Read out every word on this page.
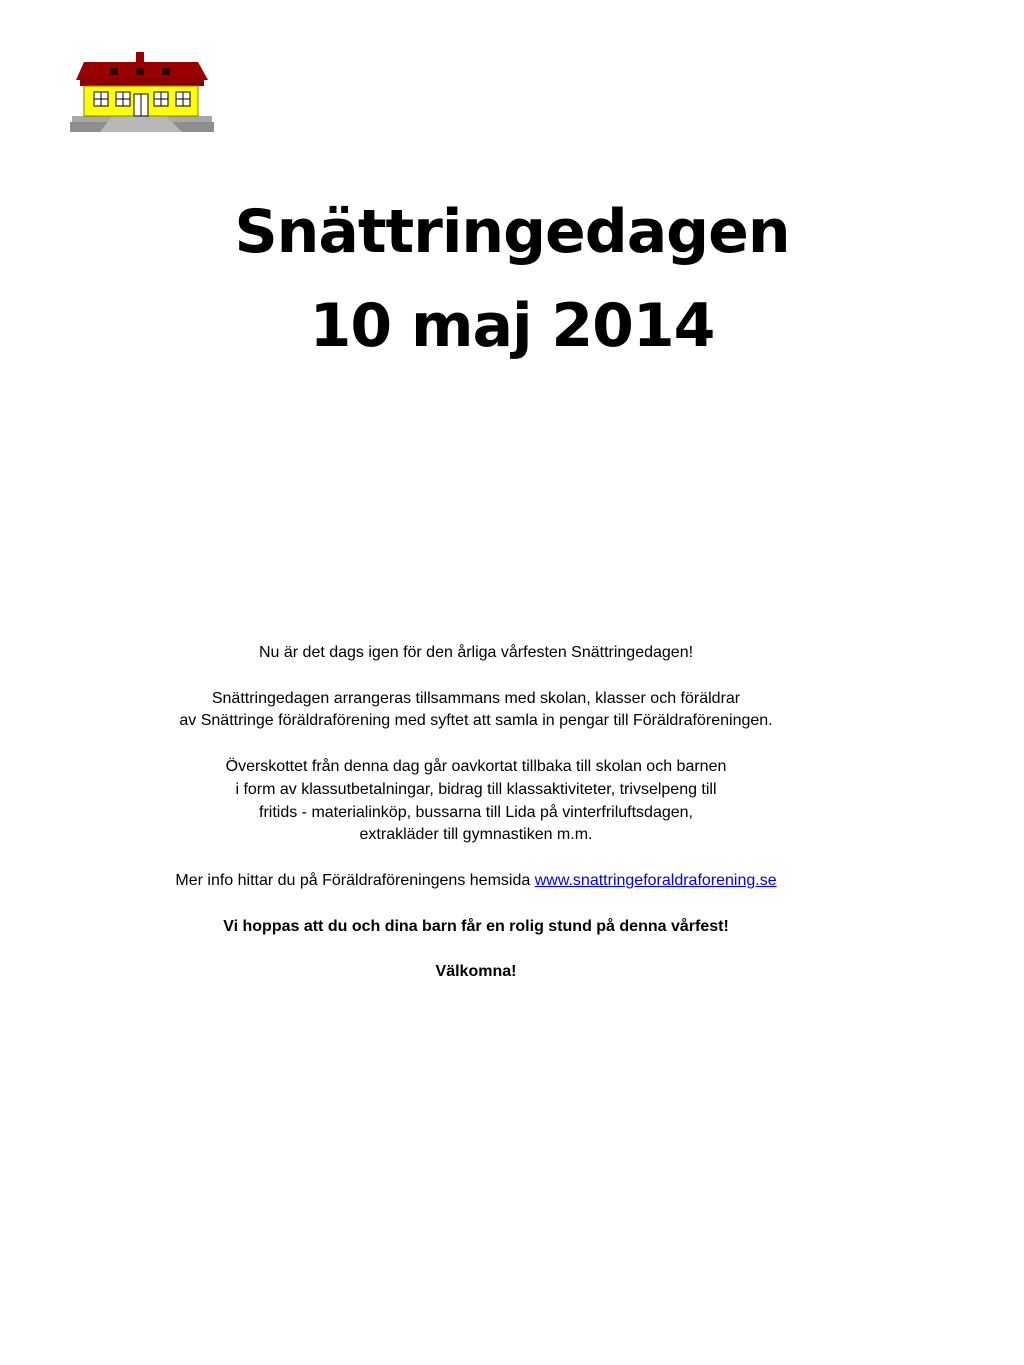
Snättringedagen

10 maj 2014

Nu är det dags igen för den årliga vårfesten Snättringedagen!

Snättringedagen arrangeras tillsammans med skolan, klasser och föräldrar

av Snättringe föräldraförening med syftet att samla in pengar till Föräldraföreningen.

Överskottet från denna dag går oavkortat tillbaka till skolan och barnen

i form av klassutbetalningar, bidrag till klassaktiviteter, trivselpeng till

fritids - materialinköp, bussarna till Lida på vinterfriluftsdagen,

extrakläder till gymnastiken m.m.

Mer info hittar du på Föräldraföreningens hemsida www.snattringeforaldraforening.se

Vi hoppas att du och dina barn får en rolig stund på denna vårfest!

Välkomna!
